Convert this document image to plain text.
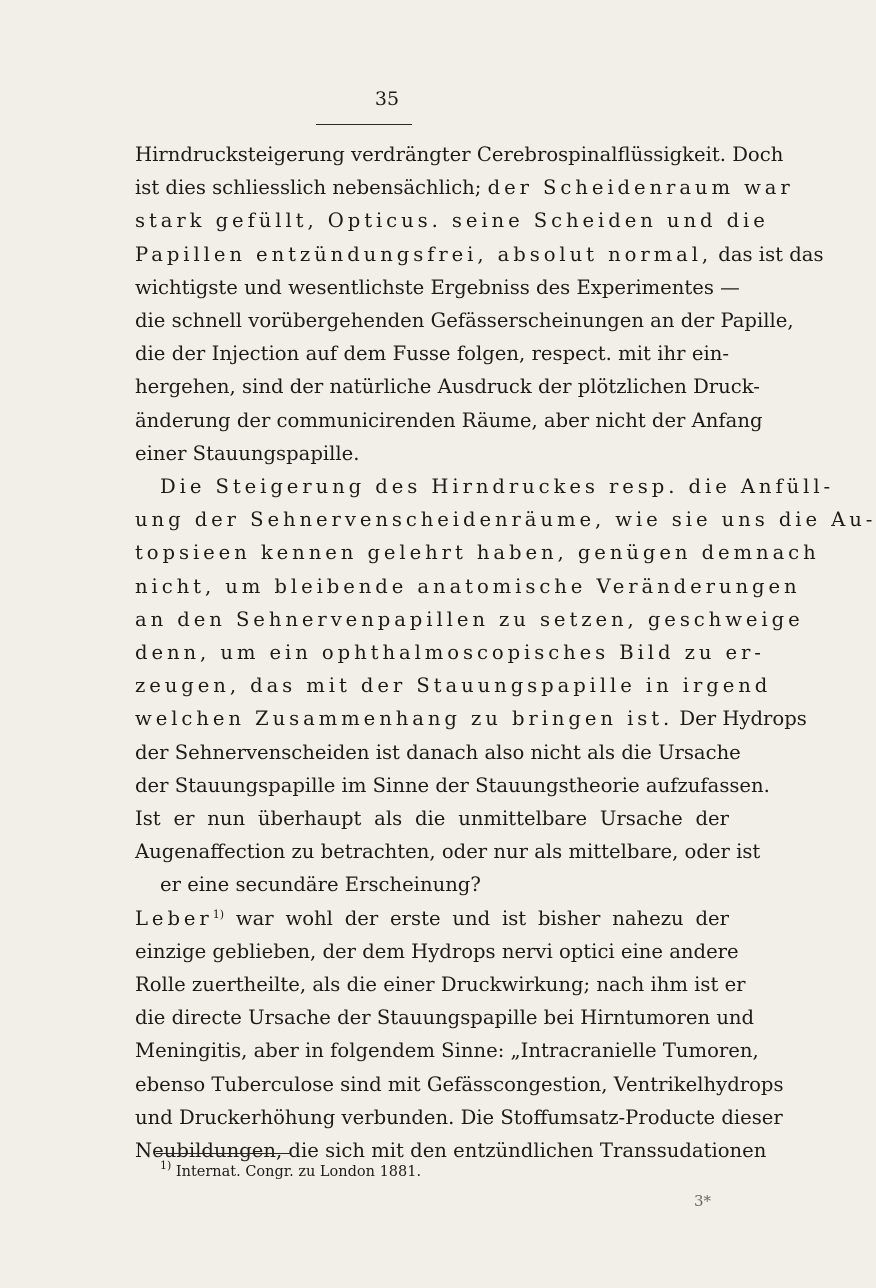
35
Hirndrucksteigerung verdrängter Cerebrospinalflüssigkeit. Doch
ist dies schliesslich nebensächlich; der Scheidenraum war
stark gefüllt, Opticus. seine Scheiden und die
Papillen entzündungsfrei, absolut normal, das ist das
wichtigste und wesentlichste Ergebniss des Experimentes —
die schnell vorübergehenden Gefässerscheinungen an der Papille,
die der Injection auf dem Fusse folgen, respect. mit ihr ein-
hergehen, sind der natürliche Ausdruck der plötzlichen Druck-
änderung der communicirenden Räume, aber nicht der Anfang
einer Stauungspapille.
Die Steigerung des Hirndruckes resp. die Anfüll-
ung der Sehnervenscheidenräume, wie sie uns die Au-
topsieen kennen gelehrt haben, genügen demnach
nicht, um bleibende anatomische Veränderungen
an den Sehnervenpapillen zu setzen, geschweige
denn, um ein ophthalmoscopisches Bild zu er-
zeugen, das mit der Stauungspapille in irgend
welchen Zusammenhang zu bringen ist. Der Hydrops
der Sehnervenscheiden ist danach also nicht als die Ursache
der Stauungspapille im Sinne der Stauungstheorie aufzufassen.
Ist er nun überhaupt als die unmittelbare Ursache der
Augenaffection zu betrachten, oder nur als mittelbare, oder ist
er eine secundäre Erscheinung?
Leber$^{1)}$ war wohl der erste und ist bisher nahezu der
einzige geblieben, der dem Hydrops nervi optici eine andere
Rolle zuertheilte, als die einer Druckwirkung; nach ihm ist er
die directe Ursache der Stauungspapille bei Hirntumoren und
Meningitis, aber in folgendem Sinne: „Intracranielle Tumoren,
ebenso Tuberculose sind mit Gefässcongestion, Ventrikelhydrops
und Druckerhöhung verbunden. Die Stoffumsatz-Producte dieser
Neubildungen, die sich mit den entzündlichen Transsudationen
$^{1)}$ Internat. Congr. zu London 1881.
3*
